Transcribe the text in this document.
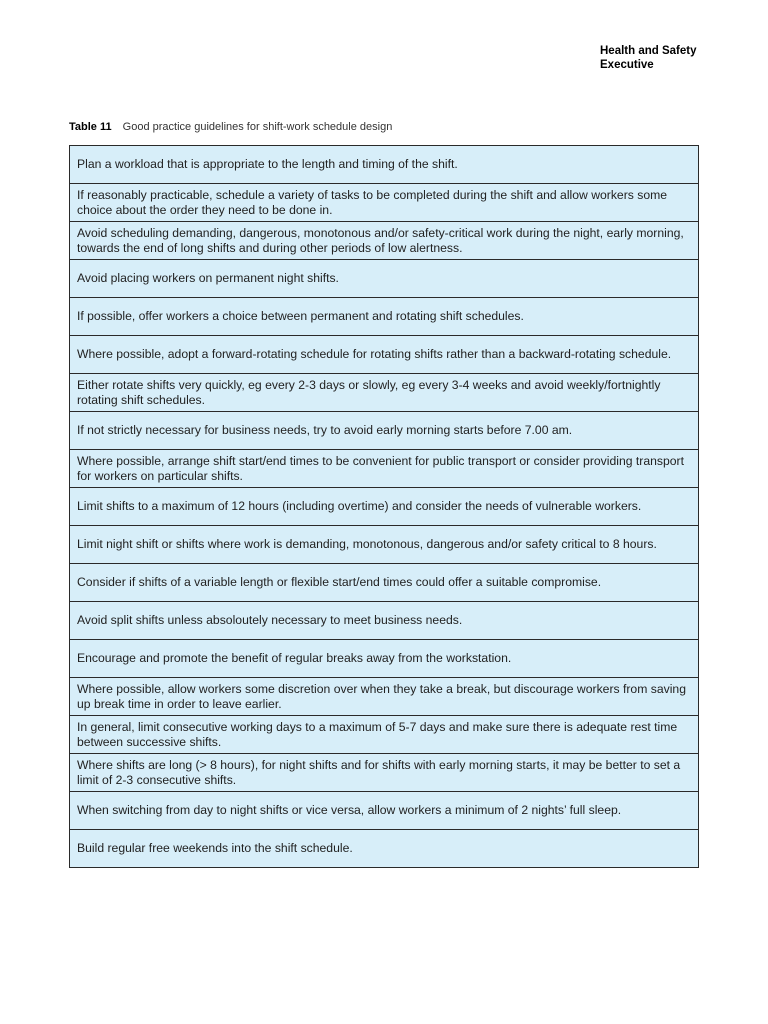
Health and Safety
Executive
Table 11 Good practice guidelines for shift-work schedule design
Plan a workload that is appropriate to the length and timing of the shift.
If reasonably practicable, schedule a variety of tasks to be completed during the shift and allow workers some choice about the order they need to be done in.
Avoid scheduling demanding, dangerous, monotonous and/or safety-critical work during the night, early morning, towards the end of long shifts and during other periods of low alertness.
Avoid placing workers on permanent night shifts.
If possible, offer workers a choice between permanent and rotating shift schedules.
Where possible, adopt a forward-rotating schedule for rotating shifts rather than a backward-rotating schedule.
Either rotate shifts very quickly, eg every 2-3 days or slowly, eg every 3-4 weeks and avoid weekly/fortnightly rotating shift schedules.
If not strictly necessary for business needs, try to avoid early morning starts before 7.00 am.
Where possible, arrange shift start/end times to be convenient for public transport or consider providing transport for workers on particular shifts.
Limit shifts to a maximum of 12 hours (including overtime) and consider the needs of vulnerable workers.
Limit night shift or shifts where work is demanding, monotonous, dangerous and/or safety critical to 8 hours.
Consider if shifts of a variable length or flexible start/end times could offer a suitable compromise.
Avoid split shifts unless absoloutely necessary to meet business needs.
Encourage and promote the benefit of regular breaks away from the workstation.
Where possible, allow workers some discretion over when they take a break, but discourage workers from saving up break time in order to leave earlier.
In general, limit consecutive working days to a maximum of 5-7 days and make sure there is adequate rest time between successive shifts.
Where shifts are long (> 8 hours), for night shifts and for shifts with early morning starts, it may be better to set a limit of 2-3 consecutive shifts.
When switching from day to night shifts or vice versa, allow workers a minimum of 2 nights’ full sleep.
Build regular free weekends into the shift schedule.
